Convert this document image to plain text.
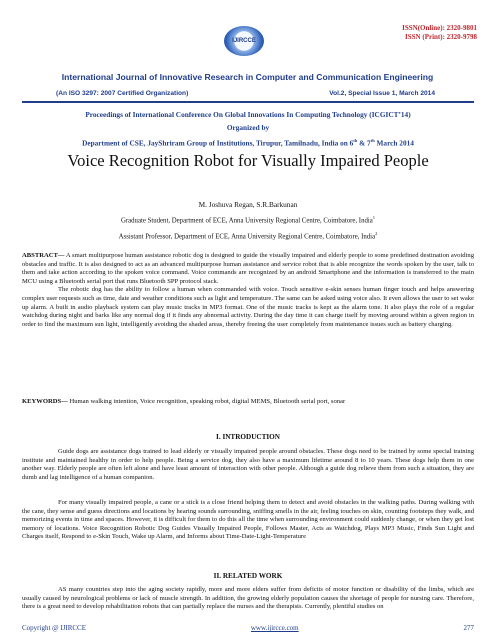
IJIRCCE
ISSN(Online): 2320-9801
ISSN (Print): 2320-9798
International Journal of Innovative Research in Computer and Communication Engineering
(An ISO 3297: 2007 Certified Organization)	Vol.2, Special Issue 1, March 2014
Proceedings of International Conference On Global Innovations In Computing Technology (ICGICT’14)
Organized by
Department of CSE, JayShriram Group of Institutions, Tirupur, Tamilnadu, India on 6th & 7th March 2014
Voice Recognition Robot for Visually Impaired People
M. Joshuva Regan, S.R.Barkunan
Graduate Student, Department of ECE, Anna University Regional Centre, Coimbatore, India$^1$
Assistant Professor, Department of ECE, Anna University Regional Centre, Coimbatore, India$^2$

ABSTRACT— A smart multipurpose human assistance robotic dog is designed to guide the visually impaired and elderly people to some predefined destination avoiding obstacles and traffic. It is also designed to act as an advanced multipurpose human assistance and service robot that is able recognize the words spoken by the user, talk to them and take action according to the spoken voice command. Voice commands are recognized by an android Smartphone and the information is transferred to the main MCU using a Bluetooth serial port that runs Bluetooth SPP protocol stack.

The robotic dog has the ability to follow a human when commanded with voice. Touch sensitive e-skin senses human finger touch and helps answering complex user requests such as time, date and weather conditions such as light and temperature. The same can be asked using voice also. It even allows the user to set wake up alarm. A built in audio playback system can play music tracks in MP3 format. One of the music tracks is kept as the alarm tone. It also plays the role of a regular watchdog during night and barks like any normal dog if it finds any abnormal activity. During the day time it can charge itself by moving around within a given region in order to find the maximum sun light, intelligently avoiding the shaded areas, thereby freeing the user completely from maintenance issues such as battery charging.

KEYWORDS— Human walking intention, Voice recognition, speaking robot, digital MEMS, Bluetooth serial port, sonar

I. INTRODUCTION

Guide dogs are assistance dogs trained to lead elderly or visually impaired people around obstacles. These dogs need to be trained by some special training institute and maintained healthy in order to help people. Being a service dog, they also have a maximum lifetime around 8 to 10 years. These dogs help them in one another way. Elderly people are often left alone and have least amount of interaction with other people. Although a guide dog relieve them from such a situation, they are dumb and lag intelligence of a human companion.

For many visually impaired people, a cane or a stick is a close friend helping them to detect and avoid obstacles in the walking paths. During walking with the cane, they sense and guess directions and locations by hearing sounds surrounding, sniffing smells in the air, feeling touches on skin, counting footsteps they walk, and memorizing events in time and spaces. However, it is difficult for them to do this all the time when surrounding environment could suddenly change, or when they get lost memory of locations. Voice Recognition Robotic Dog Guides Visually Impaired People, Follows Master, Acts as Watchdog, Plays MP3 Music, Finds Sun Light and Charges itself, Respond to e-Skin Touch, Wake up Alarm, and Informs about Time-Date-Light-Temperature

II. RELATED WORK

AS many countries step into the aging society rapidly, more and more elders suffer from deficits of motor function or disability of the limbs, which are usually caused by neurological problems or lack of muscle strength. In addition, the growing elderly population causes the shortage of people for nursing care. Therefore, there is a great need to develop rehabilitation robots that can partially replace the nurses and the therapists. Currently, plentiful studies on

Copyright @ IJIRCCE	www.ijircce.com	277
